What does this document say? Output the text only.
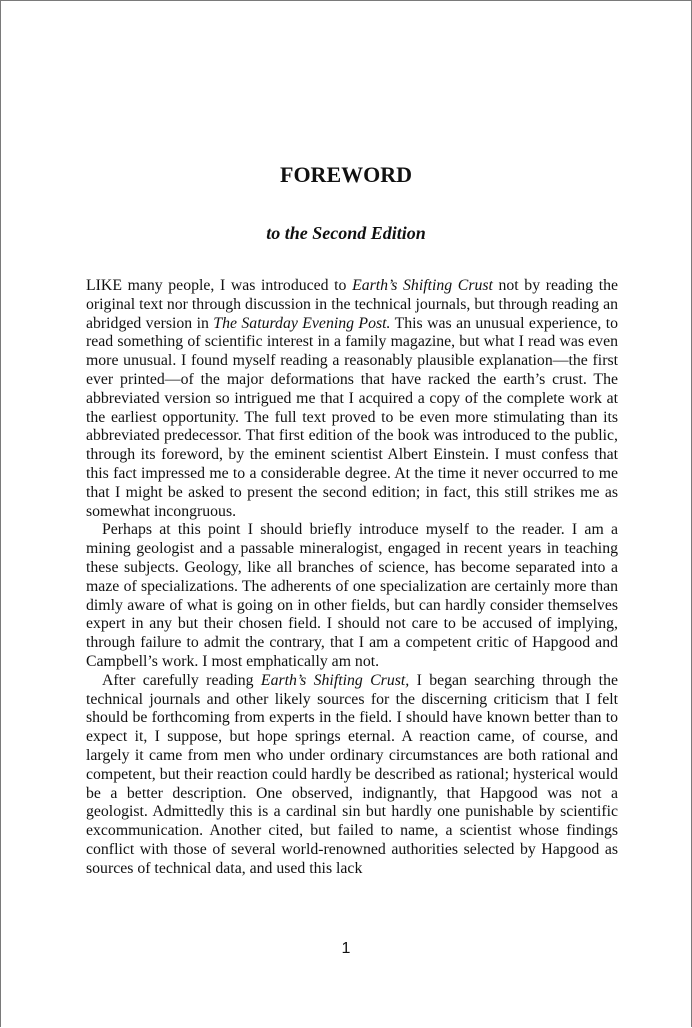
FOREWORD
to the Second Edition

LIKE many people, I was introduced to Earth’s Shifting Crust not by reading the original text nor through discussion in the technical journals, but through reading an abridged version in The Saturday Evening Post. This was an unusual experience, to read something of scientific interest in a family magazine, but what I read was even more unusual. I found myself reading a reasonably plausible explanation—the first ever printed—of the major deformations that have racked the earth’s crust. The abbreviated version so intrigued me that I acquired a copy of the complete work at the earliest opportunity. The full text proved to be even more stimulating than its abbreviated predecessor. That first edition of the book was introduced to the public, through its foreword, by the eminent scientist Albert Einstein. I must confess that this fact impressed me to a considerable degree. At the time it never occurred to me that I might be asked to present the second edition; in fact, this still strikes me as somewhat incongruous.

Perhaps at this point I should briefly introduce myself to the reader. I am a mining geologist and a passable mineralogist, engaged in recent years in teaching these subjects. Geology, like all branches of science, has become separated into a maze of specializations. The adherents of one specialization are certainly more than dimly aware of what is going on in other fields, but can hardly consider themselves expert in any but their chosen field. I should not care to be accused of implying, through failure to admit the contrary, that I am a competent critic of Hapgood and Campbell’s work. I most emphatically am not.

After carefully reading Earth’s Shifting Crust, I began searching through the technical journals and other likely sources for the discerning criticism that I felt should be forthcoming from experts in the field. I should have known better than to expect it, I suppose, but hope springs eternal. A reaction came, of course, and largely it came from men who under ordinary circumstances are both rational and competent, but their reaction could hardly be described as rational; hysterical would be a better description. One observed, indignantly, that Hapgood was not a geologist. Admittedly this is a cardinal sin but hardly one punishable by scientific excommunication. Another cited, but failed to name, a scientist whose findings conflict with those of several world-renowned authorities selected by Hapgood as sources of technical data, and used this lack

1
